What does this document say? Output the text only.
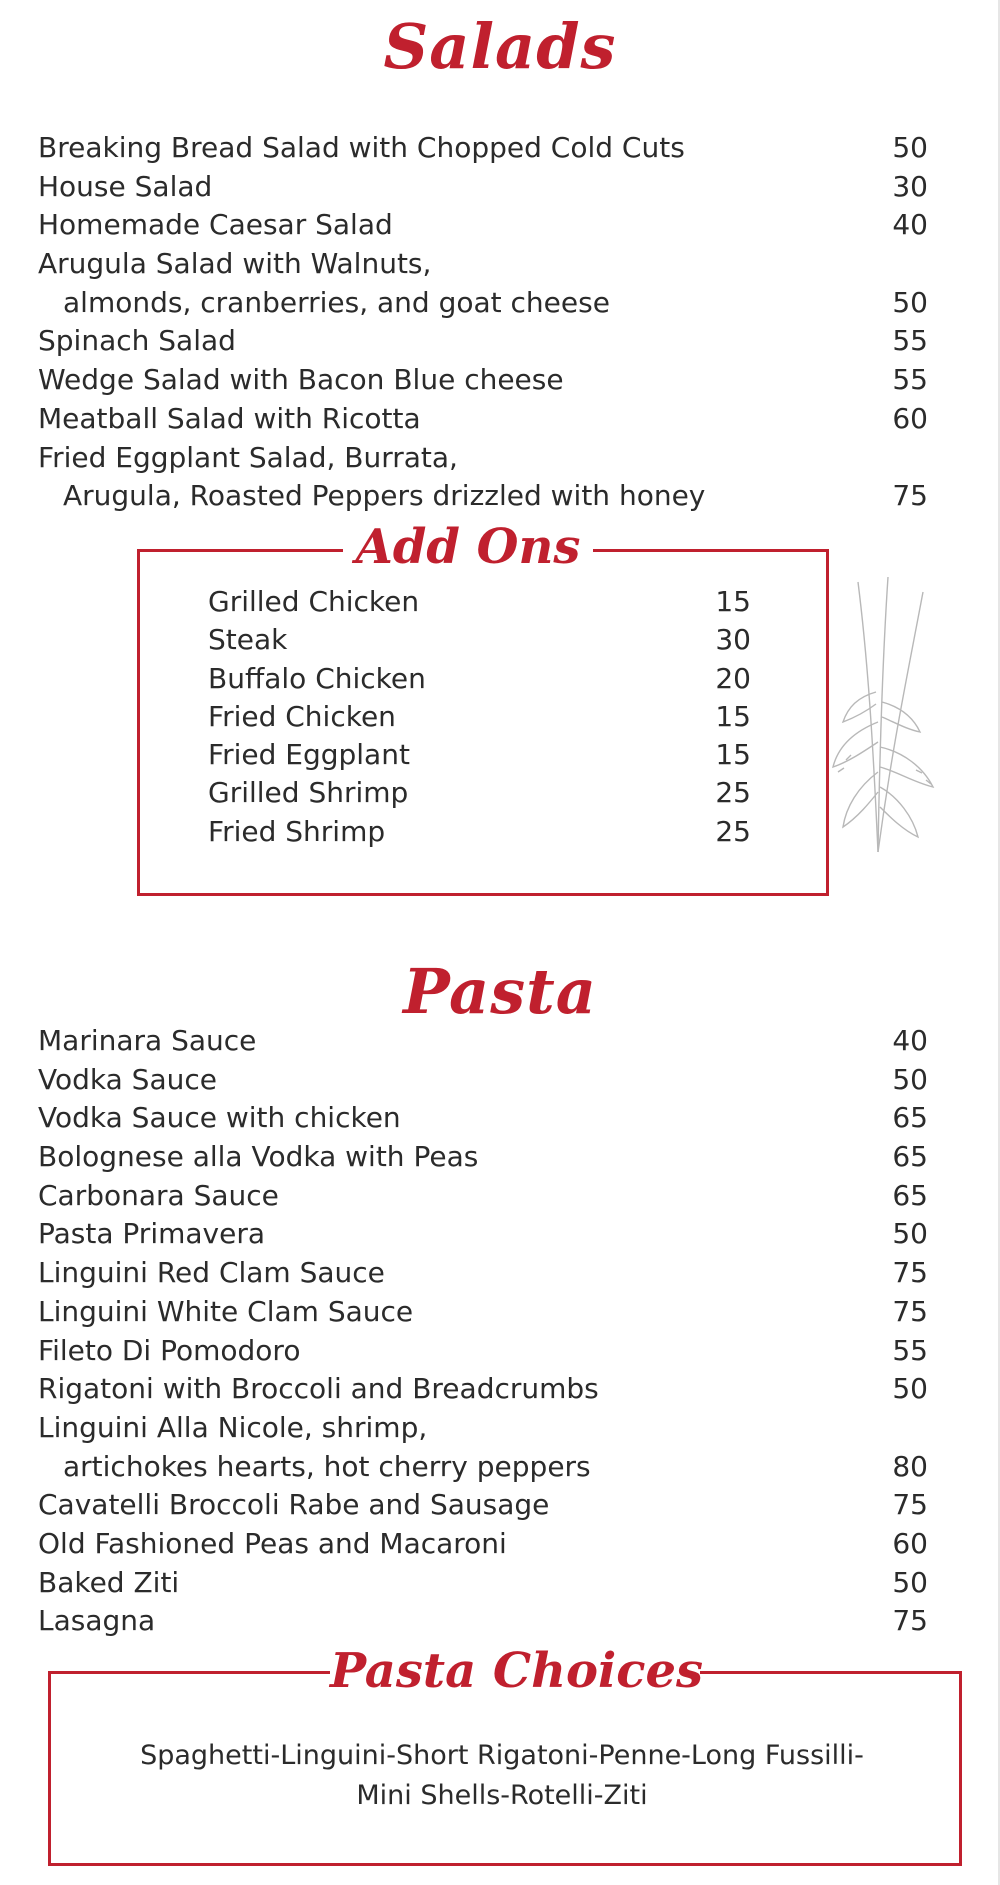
Salads
Breaking Bread Salad with Chopped Cold Cuts	50
House Salad	30
Homemade Caesar Salad	40
Arugula Salad with Walnuts,
almonds, cranberries, and goat cheese	50
Spinach Salad	55
Wedge Salad with Bacon Blue cheese	55
Meatball Salad with Ricotta	60
Fried Eggplant Salad, Burrata,
Arugula, Roasted Peppers drizzled with honey	75
Add Ons
Grilled Chicken	15
Steak	30
Buffalo Chicken	20
Fried Chicken	15
Fried Eggplant	15
Grilled Shrimp	25
Fried Shrimp	25
Pasta
Marinara Sauce	40
Vodka Sauce	50
Vodka Sauce with chicken	65
Bolognese alla Vodka with Peas	65
Carbonara Sauce	65
Pasta Primavera	50
Linguini Red Clam Sauce	75
Linguini White Clam Sauce	75
Fileto Di Pomodoro	55
Rigatoni with Broccoli and Breadcrumbs	50
Linguini Alla Nicole, shrimp,
artichokes hearts, hot cherry peppers	80
Cavatelli Broccoli Rabe and Sausage	75
Old Fashioned Peas and Macaroni	60
Baked Ziti	50
Lasagna	75
Pasta Choices
Spaghetti-Linguini-Short Rigatoni-Penne-Long Fussilli-
Mini Shells-Rotelli-Ziti
